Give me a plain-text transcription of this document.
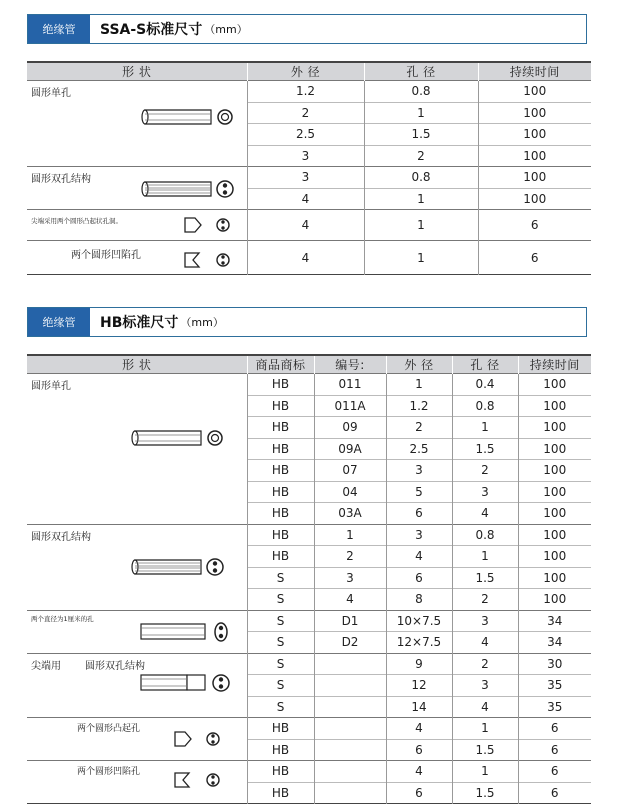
绝缘管	SSA-S标准尺寸 （mm）
形 状	外 径	孔 径	持续时间
圆形单孔	1.2	0.8	100
	2	1	100
	2.5	1.5	100
	3	2	100
圆形双孔结构	3	0.8	100
	4	1	100
尖端采用两个圆形凸起状孔洞。	4	1	6
两个圆形凹陷孔	4	1	6
绝缘管	HB标准尺寸 （mm）
形 状	商品商标	编号:	外 径	孔 径	持续时间
圆形单孔	HB	011	1	0.4	100
	HB	011A	1.2	0.8	100
	HB	09	2	1	100
	HB	09A	2.5	1.5	100
	HB	07	3	2	100
	HB	04	5	3	100
	HB	03A	6	4	100
圆形双孔结构	HB	1	3	0.8	100
	HB	2	4	1	100
	S	3	6	1.5	100
	S	4	8	2	100
两个直径为1厘米的孔	S	D1	10×7.5	3	34
	S	D2	12×7.5	4	34
尖端用 圆形双孔结构	S		9	2	30
	S		12	3	35
	S		14	4	35
两个圆形凸起孔	HB		4	1	6
	HB		6	1.5	6
两个圆形凹陷孔	HB		4	1	6
	HB		6	1.5	6
